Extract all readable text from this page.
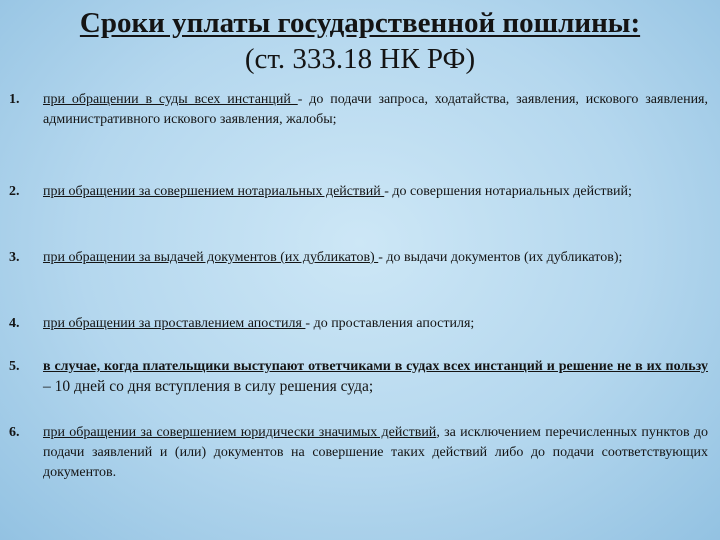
Сроки уплаты государственной пошлины:
(ст. 333.18 НК РФ)
1. при обращении в суды всех инстанций - до подачи запроса, ходатайства, заявления, искового заявления, административного искового заявления, жалобы;
2. при обращении за совершением нотариальных действий - до совершения нотариальных действий;
3. при обращении за выдачей документов (их дубликатов) - до выдачи документов (их дубликатов);
4. при обращении за проставлением апостиля - до проставления апостиля;
5. в случае, когда плательщики выступают ответчиками в судах всех инстанций и решение не в их пользу – 10 дней со дня вступления в силу решения суда;
6. при обращении за совершением юридически значимых действий, за исключением перечисленных пунктов до подачи заявлений и (или) документов на совершение таких действий либо до подачи соответствующих документов.
